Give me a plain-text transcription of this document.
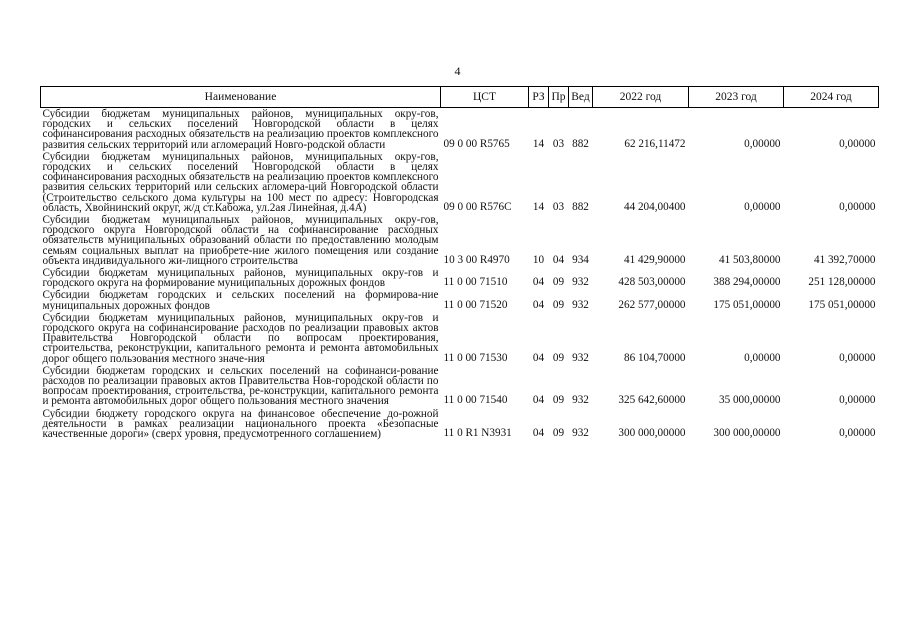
4
Наименование	ЦСТ	РЗ	Пр	Вед	2022 год	2023 год	2024 год
Субсидии бюджетам муниципальных районов, муниципальных окру-гов, городских и сельских поселений Новгородской области в целях софинансирования расходных обязательств на реализацию проектов комплексного развития сельских территорий или агломераций Новго-родской области	09 0 00 R5765	14	03	882	62 216,11472	0,00000	0,00000
Субсидии бюджетам муниципальных районов, муниципальных окру-гов, городских и сельских поселений Новгородской области в целях софинансирования расходных обязательств на реализацию проектов комплексного развития сельских территорий или сельских агломера-ций Новгородской области (Строительство сельского дома культуры на 100 мест по адресу: Новгородская область, Хвойнинский округ, ж/д ст.Кабожа, ул.2ая Линейная, д.4А)	09 0 00 R576C	14	03	882	44 204,00400	0,00000	0,00000
Субсидии бюджетам муниципальных районов, муниципальных окру-гов, городского округа Новгородской области на софинансирование расходных обязательств муниципальных образований области по предоставлению молодым семьям социальных выплат на приобрете-ние жилого помещения или создание объекта индивидуального жи-лищного строительства	10 3 00 R4970	10	04	934	41 429,90000	41 503,80000	41 392,70000
Субсидии бюджетам муниципальных районов, муниципальных окру-гов и городского округа на формирование муниципальных дорожных фондов	11 0 00 71510	04	09	932	428 503,00000	388 294,00000	251 128,00000
Субсидии бюджетам городских и сельских поселений на формирова-ние муниципальных дорожных фондов	11 0 00 71520	04	09	932	262 577,00000	175 051,00000	175 051,00000
Субсидии бюджетам муниципальных районов, муниципальных окру-гов и городского округа на софинансирование расходов по реализации правовых актов Правительства Новгородской области по вопросам проектирования, строительства, реконструкции, капитального ремонта и ремонта автомобильных дорог общего пользования местного значе-ния	11 0 00 71530	04	09	932	86 104,70000	0,00000	0,00000
Субсидии бюджетам городских и сельских поселений на софинанси-рование расходов по реализации правовых актов Правительства Нов-городской области по вопросам проектирования, строительства, ре-конструкции, капитального ремонта и ремонта автомобильных дорог общего пользования местного значения	11 0 00 71540	04	09	932	325 642,60000	35 000,00000	0,00000
Субсидии бюджету городского округа на финансовое обеспечение до-рожной деятельности в рамках реализации национального проекта «Безопасные качественные дороги» (сверх уровня, предусмотренного соглашением)	11 0 R1 N3931	04	09	932	300 000,00000	300 000,00000	0,00000
